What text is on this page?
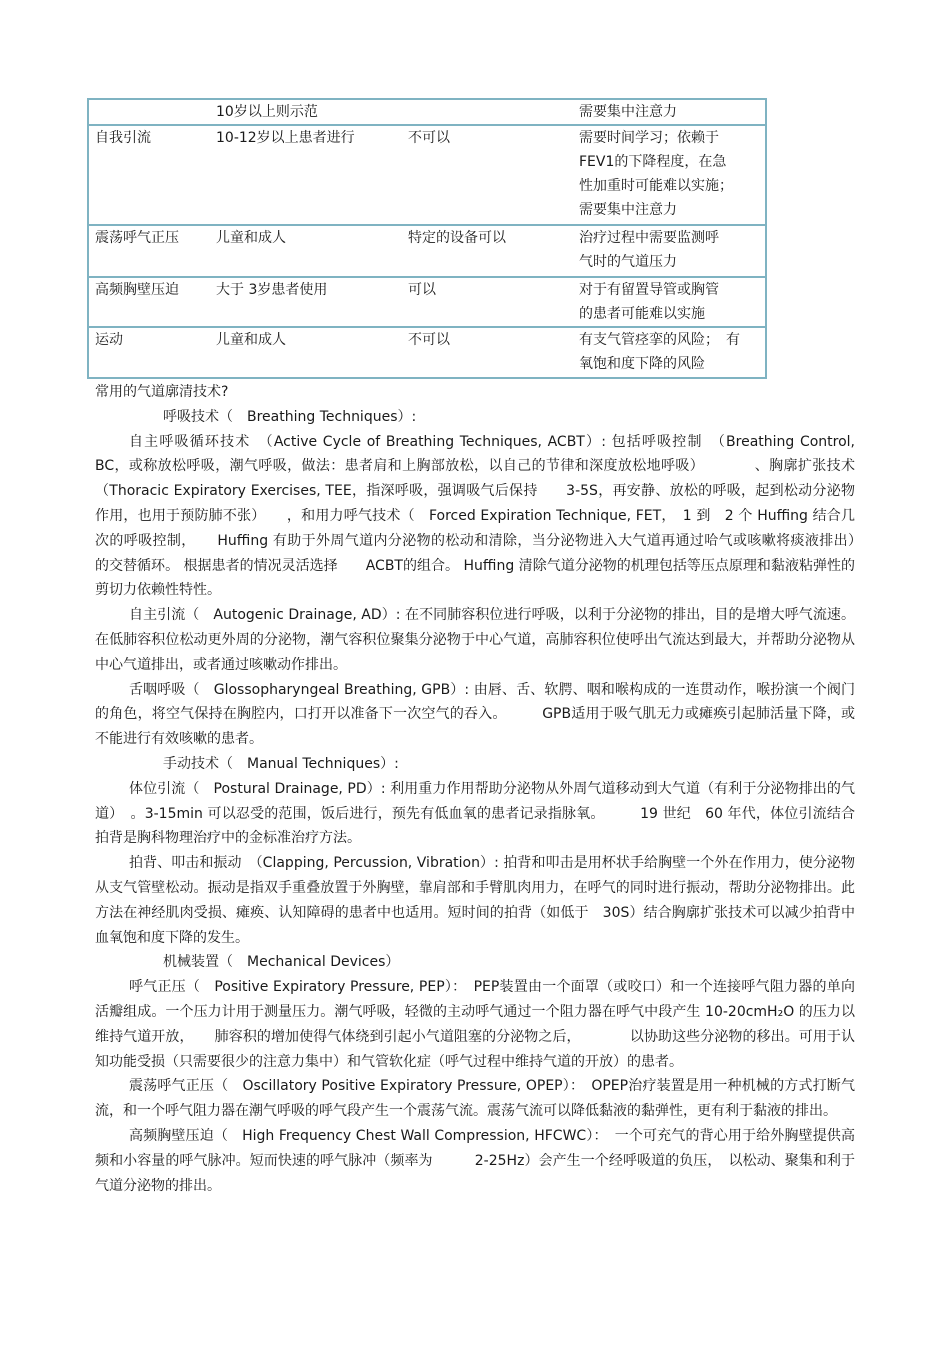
	10岁以上则示范		需要集中注意力

自我引流	10-12岁以上患者进行	不可以	需要时间学习；依赖于
FEV1的下降程度，在急
性加重时可能难以实施；
需要集中注意力

震荡呼气正压	儿童和成人	特定的设备可以	治疗过程中需要监测呼
气时的气道压力

高频胸壁压迫	大于 3岁患者使用	可以	对于有留置导管或胸管
的患者可能难以实施

运动	儿童和成人	不可以	有支气管痉挛的风险；　有
氧饱和度下降的风险
常用的气道廓清技术?
呼吸技术（　Breathing Techniques）:
自主呼吸循环技术　（Active Cycle of Breathing Techniques, ACBT）: 包括呼吸控制　（Breathing Control, BC，或称放松呼吸，潮气呼吸，做法：患者肩和上胸部放松，以自己的节律和深度放松地呼吸）　　　　、胸廓扩张技术（Thoracic Expiratory Exercises, TEE，指深呼吸，强调吸气后保持　　3-5S，再安静、放松的呼吸，起到松动分泌物作用，也用于预防肺不张）　　，和用力呼气技术（　Forced Expiration Technique, FET，　1 到　2 个 Huffing 结合几次的呼吸控制，　　Huffing 有助于外周气道内分泌物的松动和清除，当分泌物进入大气道再通过哈气或咳嗽将痰液排出）　的交替循环。 根据患者的情况灵活选择　　ACBT的组合。 Huffing 清除气道分泌物的机理包括等压点原理和黏液粘弹性的剪切力依赖性特性。
自主引流（　Autogenic Drainage, AD）: 在不同肺容积位进行呼吸，以利于分泌物的排出，目的是增大呼气流速。在低肺容积位松动更外周的分泌物，潮气容积位聚集分泌物于中心气道，高肺容积位使呼出气流达到最大，并帮助分泌物从中心气道排出，或者通过咳嗽动作排出。
舌咽呼吸（　Glossopharyngeal Breathing, GPB）: 由唇、舌、软腭、咽和喉构成的一连贯动作，喉扮演一个阀门的角色，将空气保持在胸腔内，口打开以准备下一次空气的吞入。　　　GPB适用于吸气肌无力或瘫痪引起肺活量下降，或不能进行有效咳嗽的患者。
手动技术（　Manual Techniques）:
体位引流（　Postural Drainage, PD）: 利用重力作用帮助分泌物从外周气道移动到大气道（有利于分泌物排出的气道）　。3-15min 可以忍受的范围，饭后进行，预先有低血氧的患者记录指脉氧。　　　19 世纪　60 年代，体位引流结合拍背是胸科物理治疗中的金标准治疗方法。
拍背、叩击和振动　（Clapping, Percussion, Vibration）: 拍背和叩击是用杯状手给胸壁一个外在作用力，使分泌物从支气管壁松动。振动是指双手重叠放置于外胸壁，靠肩部和手臂肌肉用力，在呼气的同时进行振动，帮助分泌物排出。此方法在神经肌肉受损、瘫痪、认知障碍的患者中也适用。短时间的拍背（如低于　30S）结合胸廓扩张技术可以减少拍背中血氧饱和度下降的发生。
机械装置（　Mechanical Devices）
呼气正压（　Positive Expiratory Pressure, PEP）：　PEP装置由一个面罩（或咬口）和一个连接呼气阻力器的单向活瓣组成。一个压力计用于测量压力。潮气呼吸，轻微的主动呼气通过一个阻力器在呼气中段产生 10-20cmH₂O 的压力以维持气道开放，　　肺容积的增加使得气体绕到引起小气道阻塞的分泌物之后，　　　　以协助这些分泌物的移出。可用于认知功能受损（只需要很少的注意力集中）和气管软化症（呼气过程中维持气道的开放）的患者。
震荡呼气正压（　Oscillatory Positive Expiratory Pressure, OPEP）：　OPEP治疗装置是用一种机械的方式打断气流，和一个呼气阻力器在潮气呼吸的呼气段产生一个震荡气流。震荡气流可以降低黏液的黏弹性，更有利于黏液的排出。
高频胸壁压迫（　High Frequency Chest Wall Compression, HFCWC）：　一个可充气的背心用于给外胸壁提供高频和小容量的呼气脉冲。短而快速的呼气脉冲（频率为　　　2-25Hz）会产生一个经呼吸道的负压，　以松动、聚集和利于气道分泌物的排出。
